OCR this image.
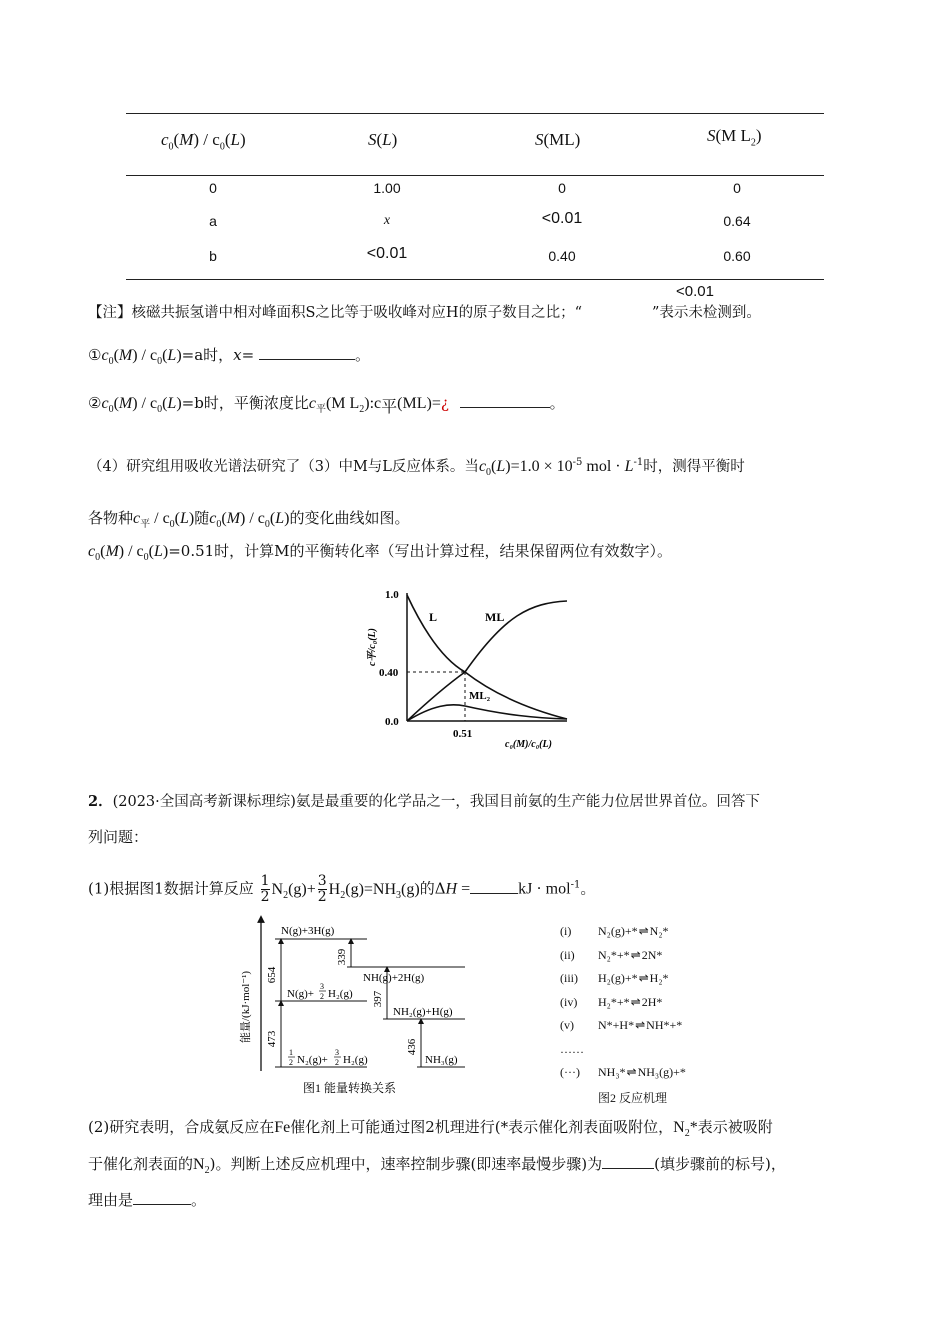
$c_0(M) / c_0(L)$	S(L)	S(ML)	S(M $L_2$)
0	1.00	0	0
a	x	<0.01	0.64
b	<0.01	0.40	0.60
【注】核磁共振氢谱中相对峰面积S之比等于吸收峰对应H的原子数目之比；“	”表示未检测到。
<0.01
$①c_0(M) / c_0(L)=a$时，x=	。
$②c_0(M) / c_0(L)=b$时，平衡浓度比$c_平(M$ $L_2):c_平(ML)=¿$	。
（4）研究组用吸收光谱法研究了（3）中M与L反应体系。当$c_0(L)=1.0 \times 10^{-5}$ mol · $L^{-1}$时，测得平衡时
各物种$c_平 / c_0(L)$随$c_0(M) / c_0(L)$的变化曲线如图。
$c_0(M) / c_0(L)=0.51$时，计算M的平衡转化率（写出计算过程，结果保留两位有效数字）。
1.0
0.40
0.0
0.51
L	ML
ML₂
c₀(M)/c₀(L)
c平/c₀(L)
2．(2023·全国高考新课标理综)氨是最重要的化学品之一，我国目前氨的生产能力位居世界首位。回答下
列问题：
(1)根据图1数据计算反应 $\frac{1}{2} N_2(g)+ \frac{3}{2} H_2(g)=NH_3(g)$的ΔH =	kJ · mol$^{-1}$。
能量/(kJ·mol⁻¹) 654
339
397
473	436
N(g)+3H(g)
NH(g)+2H(g)
NH₂(g)+H(g)
NH₃(g)
N(g)+
3
2 H₂(g)
1
2 N₂(g)+
3
2 H₂(g)
图1 能量转换关系
(i) N₂(g)+*⇌N₂*
(ii) N₂*+*⇌2N*
(iii) H₂(g)+*⇌H₂*
(iv) H₂*+*⇌2H*
(v) N*+H*⇌NH*+*
……
(···) NH₃*⇌NH₃(g)+*
图2 反应机理
(2)研究表明，合成氨反应在Fe催化剂上可能通过图2机理进行(*表示催化剂表面吸附位，$N_2*$表示被吸附
于催化剂表面的$N_2$)。判断上述反应机理中，速率控制步骤(即速率最慢步骤)为	(填步骤前的标号)，
理由是	。
